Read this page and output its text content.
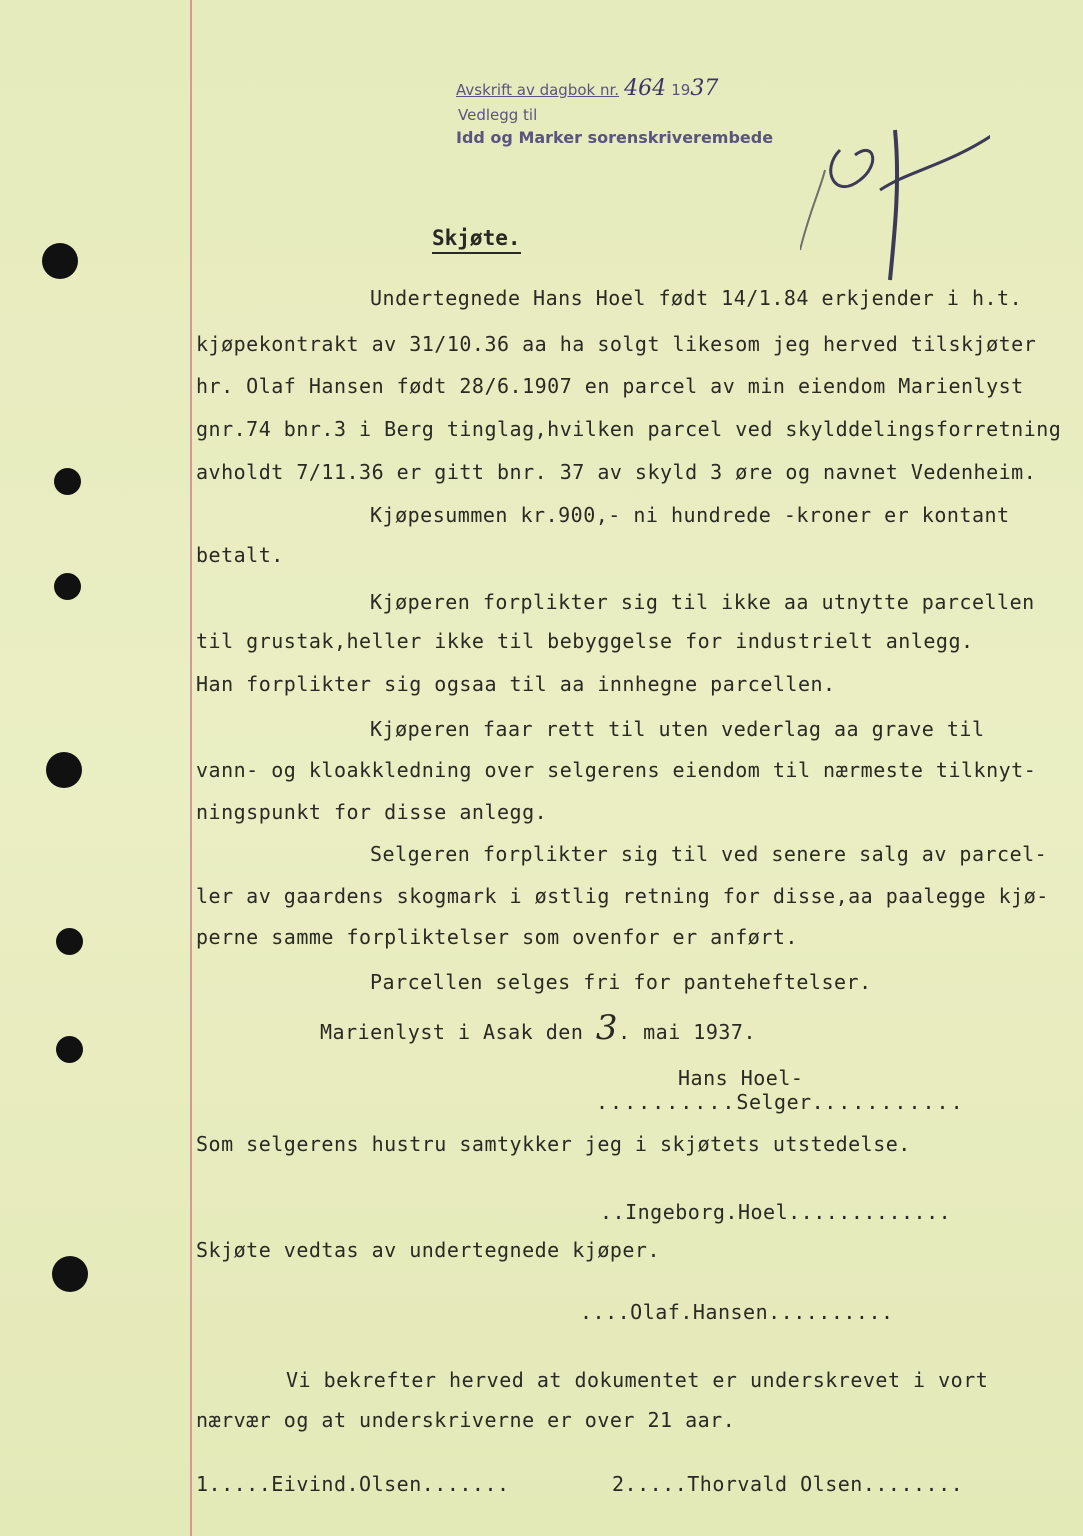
Avskrift av dagbok nr. 464 1937
Vedlegg til
Idd og Marker sorenskriverembede
Skjøte.
Undertegnede Hans Hoel født 14/1.84 erkjender i h.t.
kjøpekontrakt av 31/10.36 aa ha solgt likesom jeg herved tilskjøter
hr. Olaf Hansen født 28/6.1907 en parcel av min eiendom Marienlyst
gnr.74 bnr.3 i Berg tinglag,hvilken parcel ved skylddelingsforretning
avholdt 7/11.36 er gitt bnr. 37 av skyld 3 øre og navnet Vedenheim.
Kjøpesummen kr.900,- ni hundrede -kroner er kontant
betalt.
Kjøperen forplikter sig til ikke aa utnytte parcellen
til grustak,heller ikke til bebyggelse for industrielt anlegg.
Han forplikter sig ogsaa til aa innhegne parcellen.
Kjøperen faar rett til uten vederlag aa grave til
vann- og kloakkledning over selgerens eiendom til nærmeste tilknyt-
ningspunkt for disse anlegg.
Selgeren forplikter sig til ved senere salg av parcel-
ler av gaardens skogmark i østlig retning for disse,aa paalegge kjø-
perne samme forpliktelser som ovenfor er anført.
Parcellen selges fri for panteheftelser.
Marienlyst i Asak den 3. mai 1937.
Hans Hoel-
..........Selger...........
Som selgerens hustru samtykker jeg i skjøtets utstedelse.
..Ingeborg.Hoel.............
Skjøte vedtas av undertegnede kjøper.
....Olaf.Hansen..........
Vi bekrefter herved at dokumentet er underskrevet i vort
nærvær og at underskriverne er over 21 aar.
1.....Eivind.Olsen.......	2.....Thorvald Olsen........
